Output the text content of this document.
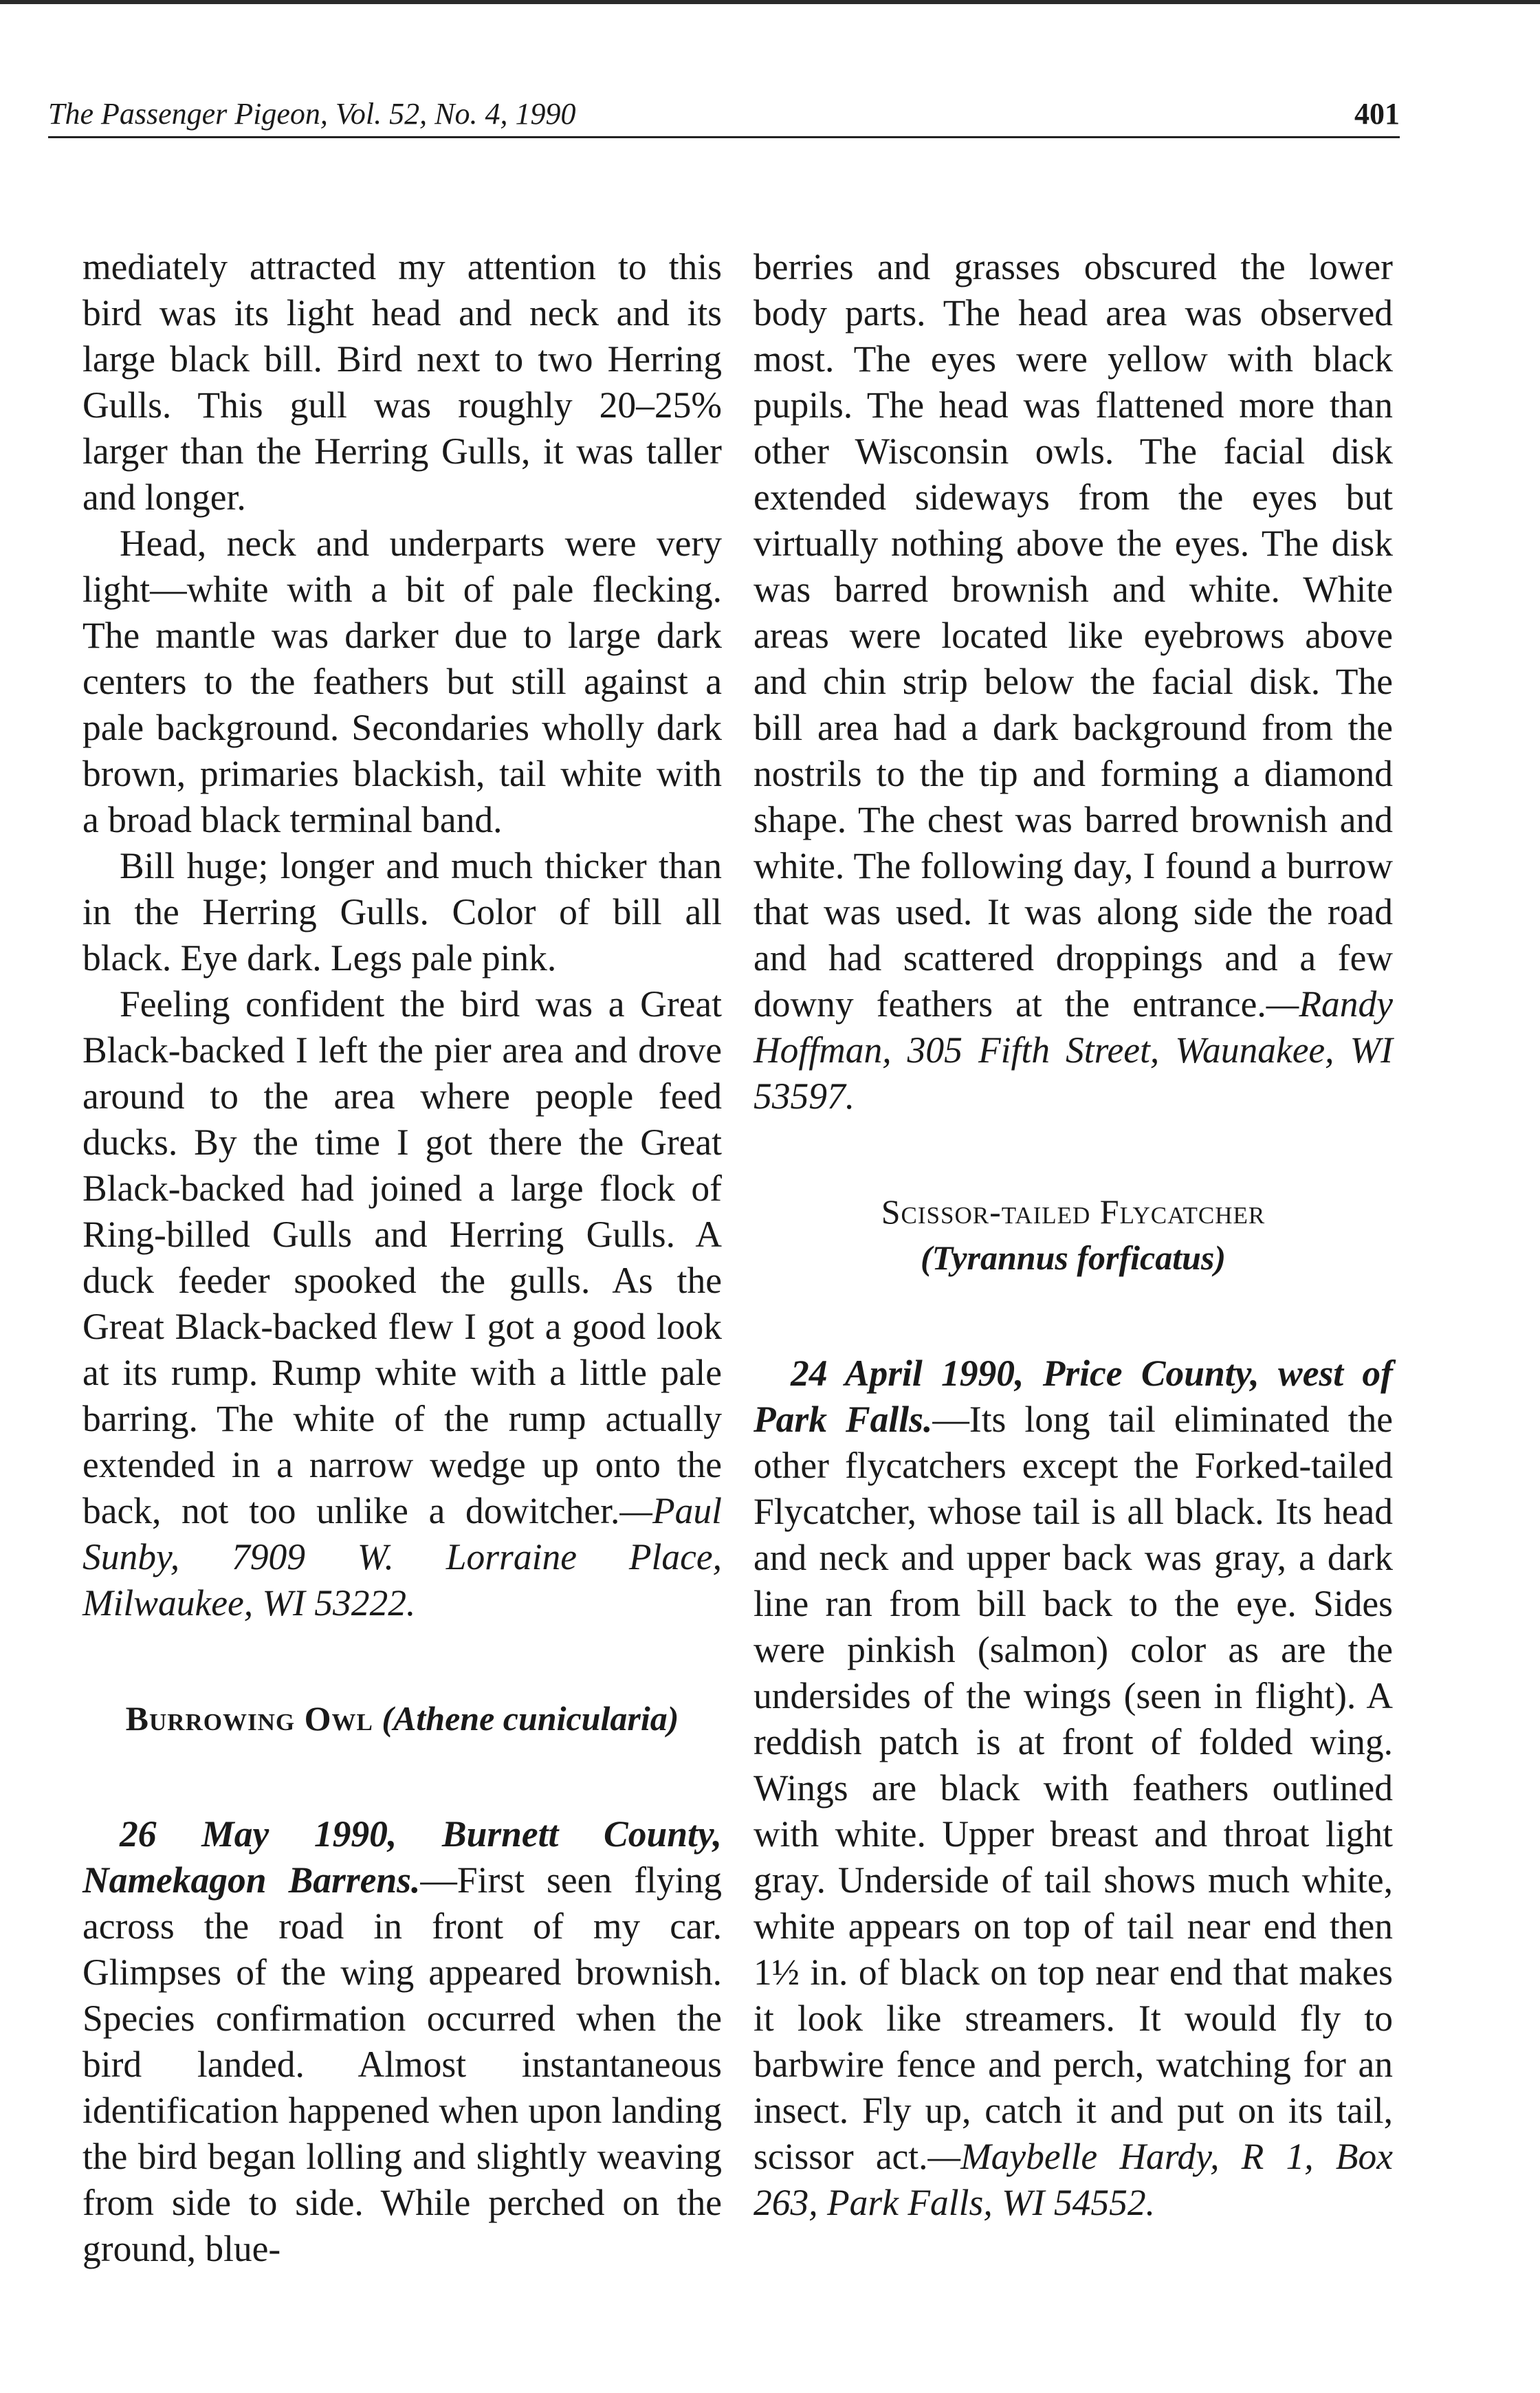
The Passenger Pigeon, Vol. 52, No. 4, 1990	401

mediately attracted my attention to this bird was its light head and neck and its large black bill. Bird next to two Herring Gulls. This gull was roughly 20–25% larger than the Herring Gulls, it was taller and longer.

Head, neck and underparts were very light—white with a bit of pale flecking. The mantle was darker due to large dark centers to the feathers but still against a pale background. Secondaries wholly dark brown, primaries blackish, tail white with a broad black terminal band.

Bill huge; longer and much thicker than in the Herring Gulls. Color of bill all black. Eye dark. Legs pale pink.

Feeling confident the bird was a Great Black-backed I left the pier area and drove around to the area where people feed ducks. By the time I got there the Great Black-backed had joined a large flock of Ring-billed Gulls and Herring Gulls. A duck feeder spooked the gulls. As the Great Black-backed flew I got a good look at its rump. Rump white with a little pale barring. The white of the rump actually extended in a narrow wedge up onto the back, not too unlike a dowitcher.—Paul Sunby, 7909 W. Lorraine Place, Milwaukee, WI 53222.

Burrowing Owl (Athene cunicularia)

26 May 1990, Burnett County, Namekagon Barrens.—First seen flying across the road in front of my car. Glimpses of the wing appeared brownish. Species confirmation occurred when the bird landed. Almost instantaneous identification happened when upon landing the bird began lolling and slightly weaving from side to side. While perched on the ground, blue-

berries and grasses obscured the lower body parts. The head area was observed most. The eyes were yellow with black pupils. The head was flattened more than other Wisconsin owls. The facial disk extended sideways from the eyes but virtually nothing above the eyes. The disk was barred brownish and white. White areas were located like eyebrows above and chin strip below the facial disk. The bill area had a dark background from the nostrils to the tip and forming a diamond shape. The chest was barred brownish and white. The following day, I found a burrow that was used. It was along side the road and had scattered droppings and a few downy feathers at the entrance.—Randy Hoffman, 305 Fifth Street, Waunakee, WI 53597.

Scissor-tailed Flycatcher
(Tyrannus forficatus)

24 April 1990, Price County, west of Park Falls.—Its long tail eliminated the other flycatchers except the Forked-tailed Flycatcher, whose tail is all black. Its head and neck and upper back was gray, a dark line ran from bill back to the eye. Sides were pinkish (salmon) color as are the undersides of the wings (seen in flight). A reddish patch is at front of folded wing. Wings are black with feathers outlined with white. Upper breast and throat light gray. Underside of tail shows much white, white appears on top of tail near end then 1½ in. of black on top near end that makes it look like streamers. It would fly to barbwire fence and perch, watching for an insect. Fly up, catch it and put on its tail, scissor act.—Maybelle Hardy, R 1, Box 263, Park Falls, WI 54552.
